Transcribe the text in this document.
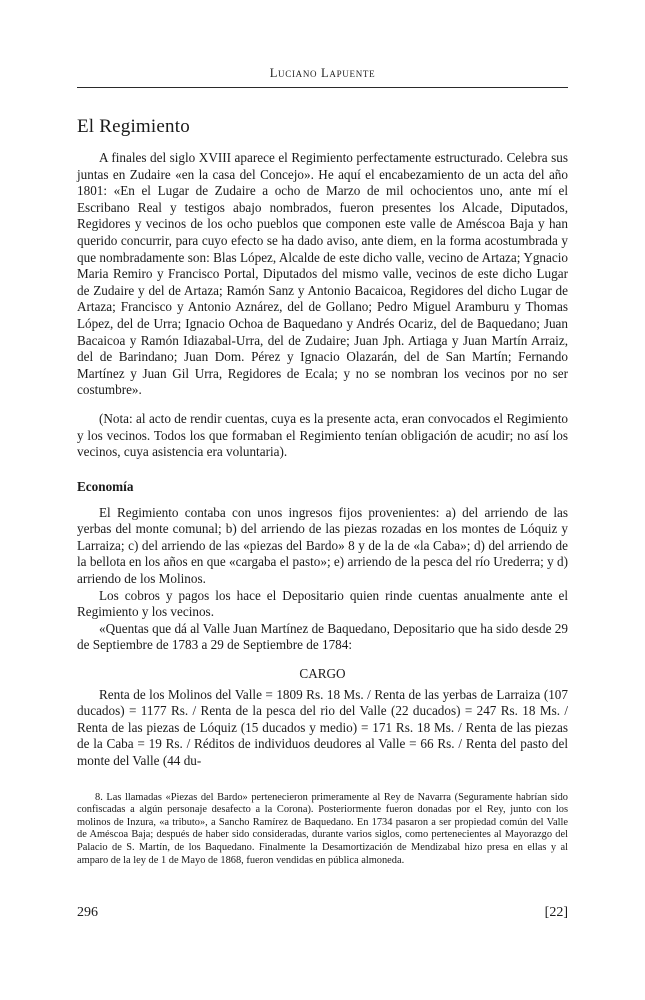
Luciano Lapuente
El Regimiento

A finales del siglo XVIII aparece el Regimiento perfectamente estructurado. Celebra sus juntas en Zudaire «en la casa del Concejo». He aquí el encabezamiento de un acta del año 1801: «En el Lugar de Zudaire a ocho de Marzo de mil ochocientos uno, ante mí el Escribano Real y testigos abajo nombrados, fueron presentes los Alcade, Diputados, Regidores y vecinos de los ocho pueblos que componen este valle de Améscoa Baja y han querido concurrir, para cuyo efecto se ha dado aviso, ante diem, en la forma acostumbrada y que nombradamente son: Blas López, Alcalde de este dicho valle, vecino de Artaza; Ygnacio Maria Remiro y Francisco Portal, Diputados del mismo valle, vecinos de este dicho Lugar de Zudaire y del de Artaza; Ramón Sanz y Antonio Bacaicoa, Regidores del dicho Lugar de Artaza; Francisco y Antonio Aznárez, del de Gollano; Pedro Miguel Aramburu y Thomas López, del de Urra; Ignacio Ochoa de Baquedano y Andrés Ocariz, del de Baquedano; Juan Bacaicoa y Ramón Idiazabal-Urra, del de Zudaire; Juan Jph. Artiaga y Juan Martín Arraiz, del de Barindano; Juan Dom. Pérez y Ignacio Olazarán, del de San Martín; Fernando Martínez y Juan Gil Urra, Regidores de Ecala; y no se nombran los vecinos por no ser costumbre».

(Nota: al acto de rendir cuentas, cuya es la presente acta, eran convocados el Regimiento y los vecinos. Todos los que formaban el Regimiento tenían obligación de acudir; no así los vecinos, cuya asistencia era voluntaria).

Economía

El Regimiento contaba con unos ingresos fijos provenientes: a) del arriendo de las yerbas del monte comunal; b) del arriendo de las piezas rozadas en los montes de Lóquiz y Larraiza; c) del arriendo de las «piezas del Bardo» 8 y de la de «la Caba»; d) del arriendo de la bellota en los años en que «cargaba el pasto»; e) arriendo de la pesca del río Urederra; y d) arriendo de los Molinos.

Los cobros y pagos los hace el Depositario quien rinde cuentas anualmente ante el Regimiento y los vecinos.

«Quentas que dá al Valle Juan Martínez de Baquedano, Depositario que ha sido desde 29 de Septiembre de 1783 a 29 de Septiembre de 1784:

CARGO

Renta de los Molinos del Valle = 1809 Rs. 18 Ms. / Renta de las yerbas de Larraiza (107 ducados) = 1177 Rs. / Renta de la pesca del rio del Valle (22 ducados) = 247 Rs. 18 Ms. / Renta de las piezas de Lóquiz (15 ducados y medio) = 171 Rs. 18 Ms. / Renta de las piezas de la Caba = 19 Rs. / Réditos de individuos deudores al Valle = 66 Rs. / Renta del pasto del monte del Valle (44 du-

8. Las llamadas «Piezas del Bardo» pertenecieron primeramente al Rey de Navarra (Seguramente habrían sido confiscadas a algún personaje desafecto a la Corona). Posteriormente fueron donadas por el Rey, junto con los molinos de Inzura, «a tributo», a Sancho Ramírez de Baquedano. En 1734 pasaron a ser propiedad común del Valle de Améscoa Baja; después de haber sido consideradas, durante varios siglos, como pertenecientes al Mayorazgo del Palacio de S. Martín, de los Baquedano. Finalmente la Desamortización de Mendizabal hizo presa en ellas y al amparo de la ley de 1 de Mayo de 1868, fueron vendidas en pública almoneda.

296	[22]
